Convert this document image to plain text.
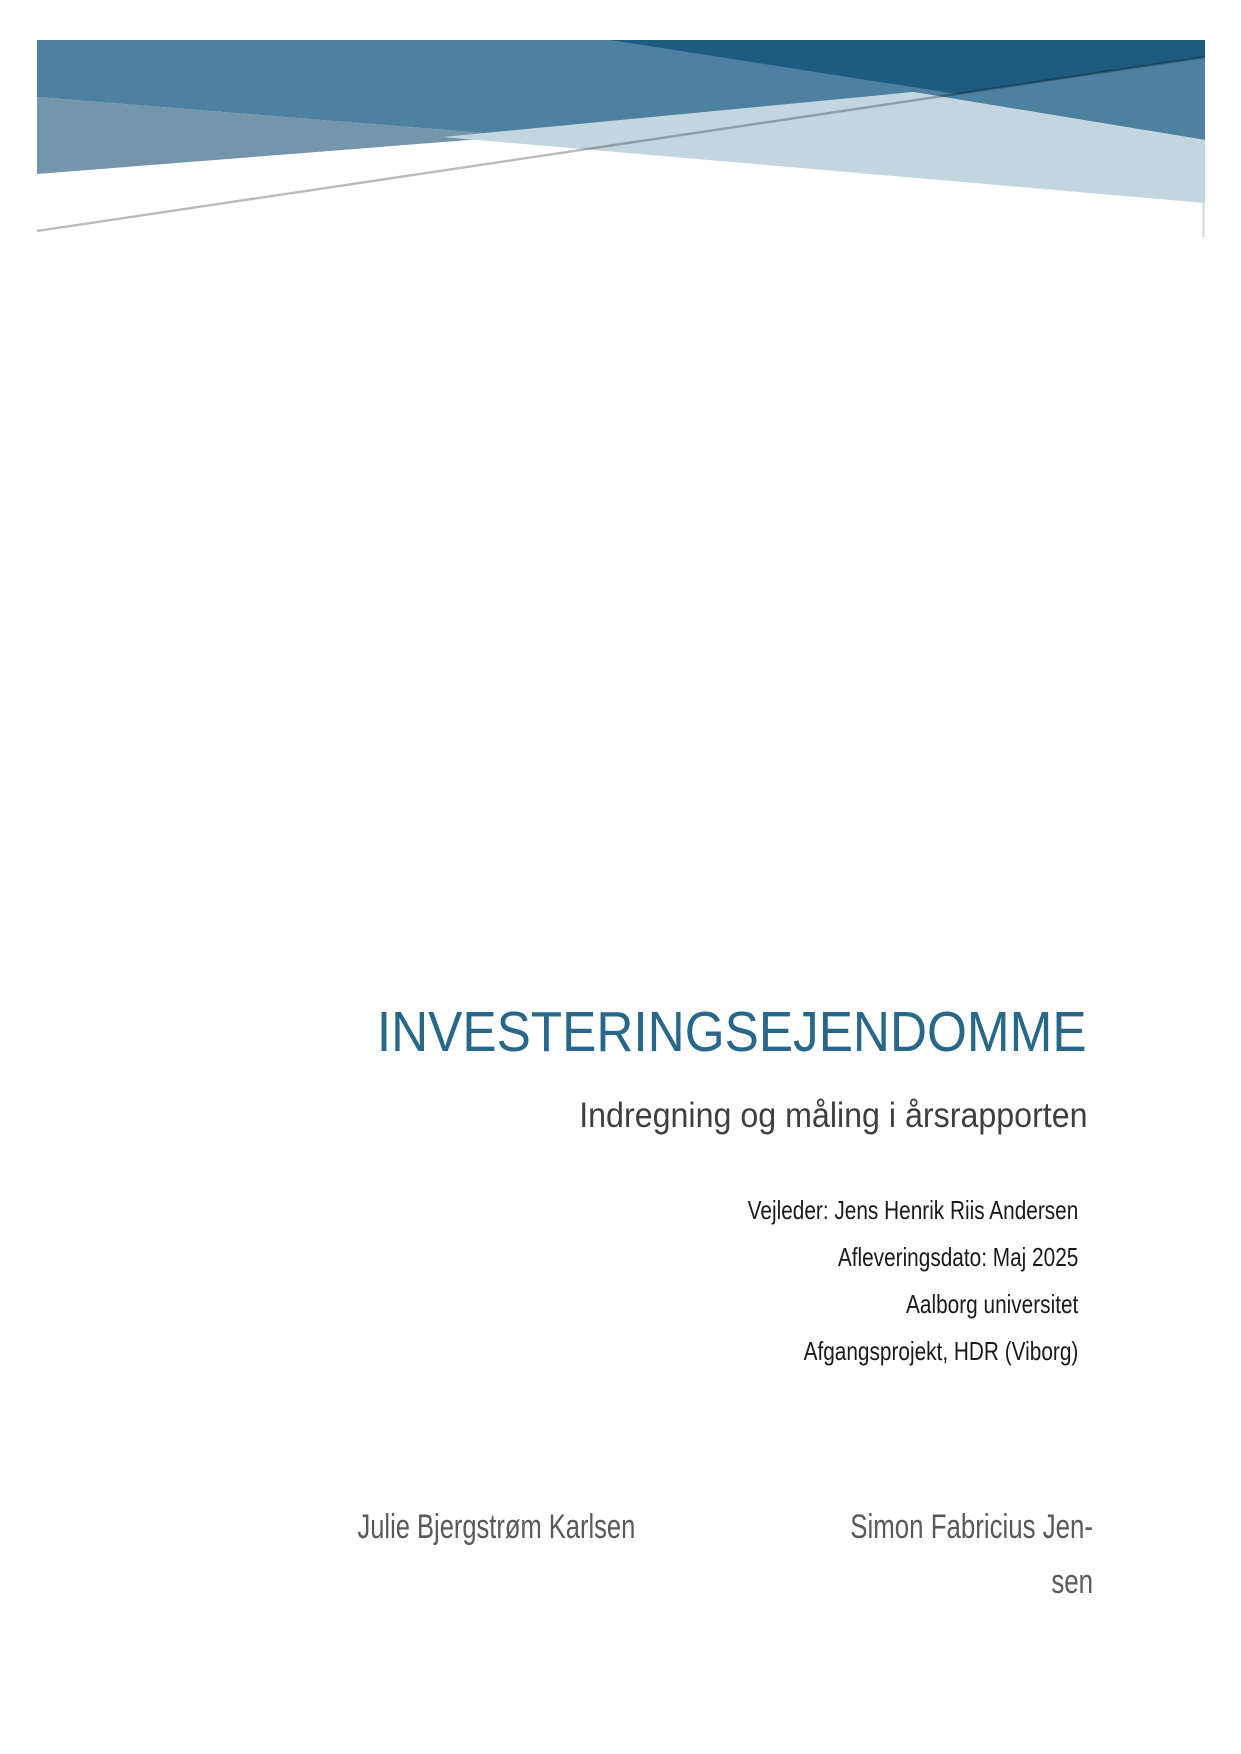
INVESTERINGSEJENDOMME
Indregning og måling i årsrapporten
Vejleder: Jens Henrik Riis Andersen
Afleveringsdato: Maj 2025
Aalborg universitet
Afgangsprojekt, HDR (Viborg)
Julie Bjergstrøm Karlsen	Simon Fabricius Jen-
sen
